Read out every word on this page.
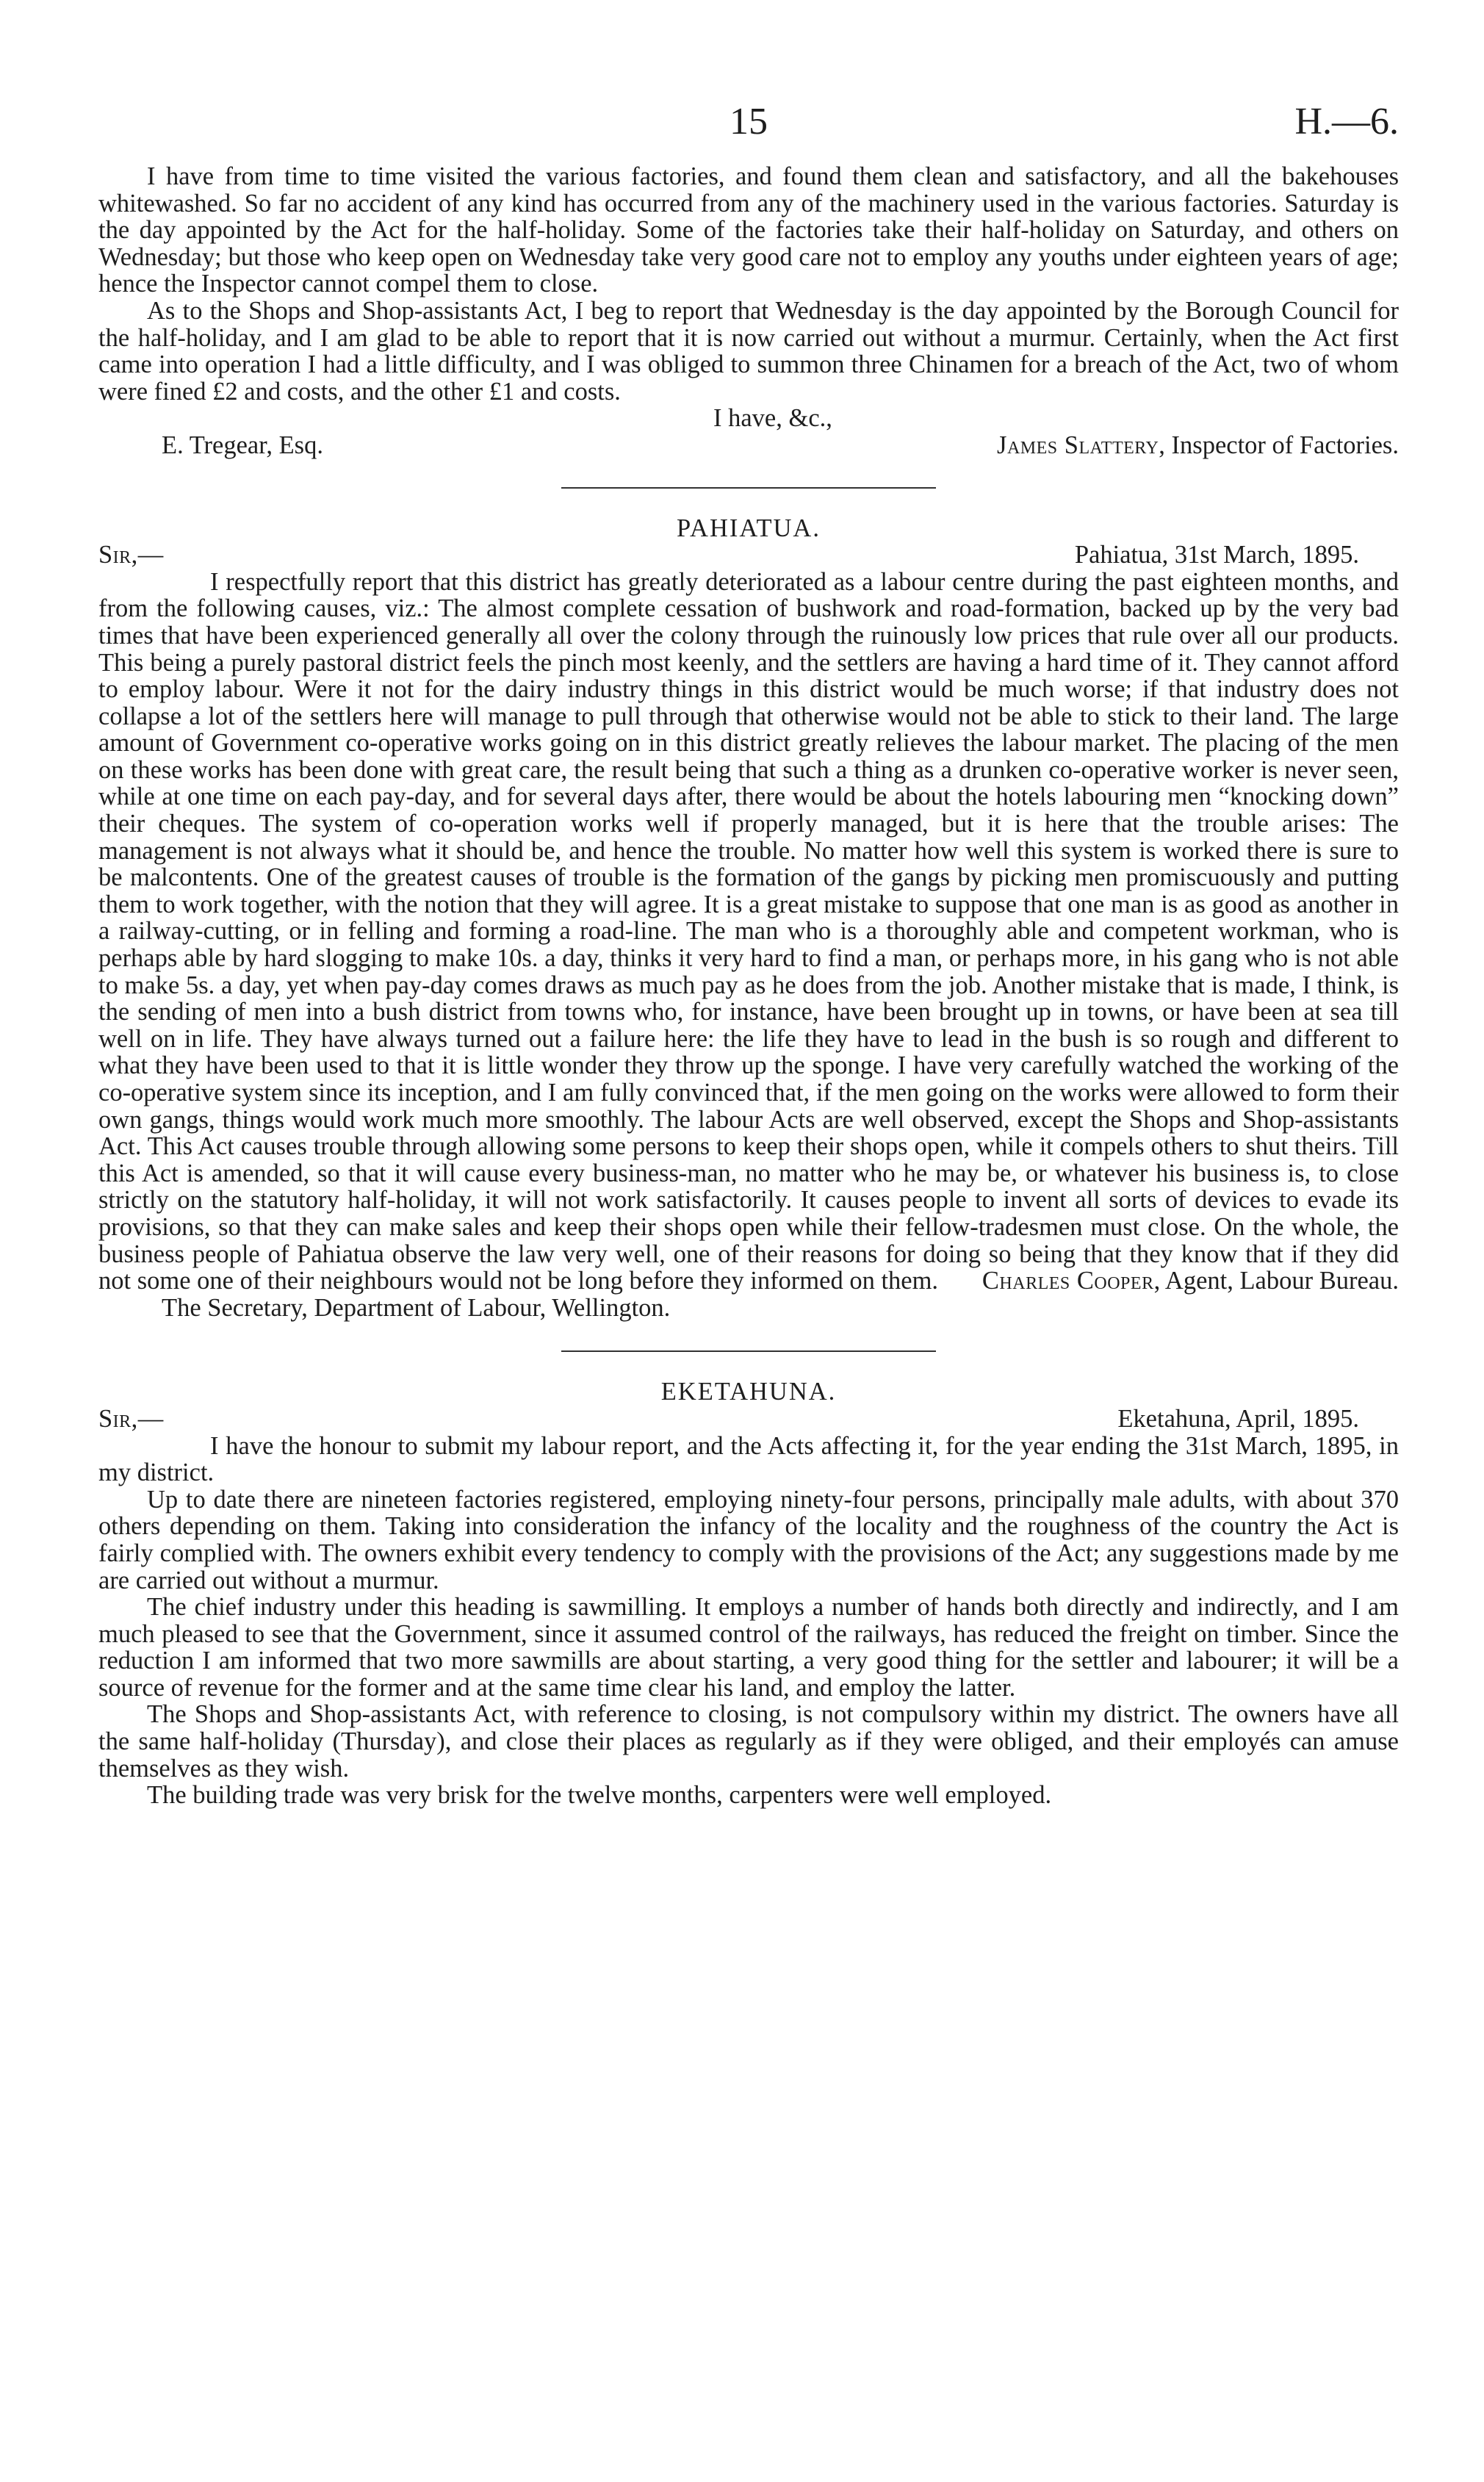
15	H.—6.

I have from time to time visited the various factories, and found them clean and satisfactory, and all the bakehouses whitewashed. So far no accident of any kind has occurred from any of the machinery used in the various factories. Saturday is the day appointed by the Act for the half-holiday. Some of the factories take their half-holiday on Saturday, and others on Wednesday; but those who keep open on Wednesday take very good care not to employ any youths under eighteen years of age; hence the Inspector cannot compel them to close.

As to the Shops and Shop-assistants Act, I beg to report that Wednesday is the day appointed by the Borough Council for the half-holiday, and I am glad to be able to report that it is now carried out without a murmur. Certainly, when the Act first came into operation I had a little difficulty, and I was obliged to summon three Chinamen for a breach of the Act, two of whom were fined £2 and costs, and the other £1 and costs.

I have, &c.,
E. Tregear, Esq.	James Slattery, Inspector of Factories.
PAHIATUA.
Sir,—	Pahiatua, 31st March, 1895.

I respectfully report that this district has greatly deteriorated as a labour centre during the past eighteen months, and from the following causes, viz.: The almost complete cessation of bushwork and road-formation, backed up by the very bad times that have been experienced generally all over the colony through the ruinously low prices that rule over all our products. This being a purely pastoral district feels the pinch most keenly, and the settlers are having a hard time of it. They cannot afford to employ labour. Were it not for the dairy industry things in this district would be much worse; if that industry does not collapse a lot of the settlers here will manage to pull through that otherwise would not be able to stick to their land. The large amount of Government co-operative works going on in this district greatly relieves the labour market. The placing of the men on these works has been done with great care, the result being that such a thing as a drunken co-operative worker is never seen, while at one time on each pay-day, and for several days after, there would be about the hotels labouring men “knocking down” their cheques. The system of co-operation works well if properly managed, but it is here that the trouble arises: The management is not always what it should be, and hence the trouble. No matter how well this system is worked there is sure to be malcontents. One of the greatest causes of trouble is the formation of the gangs by picking men promiscuously and putting them to work together, with the notion that they will agree. It is a great mistake to suppose that one man is as good as another in a railway-cutting, or in felling and forming a road-line. The man who is a thoroughly able and competent workman, who is perhaps able by hard slogging to make 10s. a day, thinks it very hard to find a man, or perhaps more, in his gang who is not able to make 5s. a day, yet when pay-day comes draws as much pay as he does from the job. Another mistake that is made, I think, is the sending of men into a bush district from towns who, for instance, have been brought up in towns, or have been at sea till well on in life. They have always turned out a failure here: the life they have to lead in the bush is so rough and different to what they have been used to that it is little wonder they throw up the sponge. I have very carefully watched the working of the co-operative system since its inception, and I am fully convinced that, if the men going on the works were allowed to form their own gangs, things would work much more smoothly. The labour Acts are well observed, except the Shops and Shop-assistants Act. This Act causes trouble through allowing some persons to keep their shops open, while it compels others to shut theirs. Till this Act is amended, so that it will cause every business-man, no matter who he may be, or whatever his business is, to close strictly on the statutory half-holiday, it will not work satisfactorily. It causes people to invent all sorts of devices to evade its provisions, so that they can make sales and keep their shops open while their fellow-tradesmen must close. On the whole, the business people of Pahiatua observe the law very well, one of their reasons for doing so being that they know that if they did not some one of their neighbours would not be long before they informed on them.	Charles Cooper, Agent, Labour Bureau.
The Secretary, Department of Labour, Wellington.
EKETAHUNA.
Sir,—	Eketahuna, April, 1895.

I have the honour to submit my labour report, and the Acts affecting it, for the year ending the 31st March, 1895, in my district.

Up to date there are nineteen factories registered, employing ninety-four persons, principally male adults, with about 370 others depending on them. Taking into consideration the infancy of the locality and the roughness of the country the Act is fairly complied with. The owners exhibit every tendency to comply with the provisions of the Act; any suggestions made by me are carried out without a murmur.

The chief industry under this heading is sawmilling. It employs a number of hands both directly and indirectly, and I am much pleased to see that the Government, since it assumed control of the railways, has reduced the freight on timber. Since the reduction I am informed that two more sawmills are about starting, a very good thing for the settler and labourer; it will be a source of revenue for the former and at the same time clear his land, and employ the latter.

The Shops and Shop-assistants Act, with reference to closing, is not compulsory within my district. The owners have all the same half-holiday (Thursday), and close their places as regularly as if they were obliged, and their employés can amuse themselves as they wish.

The building trade was very brisk for the twelve months, carpenters were well employed.
